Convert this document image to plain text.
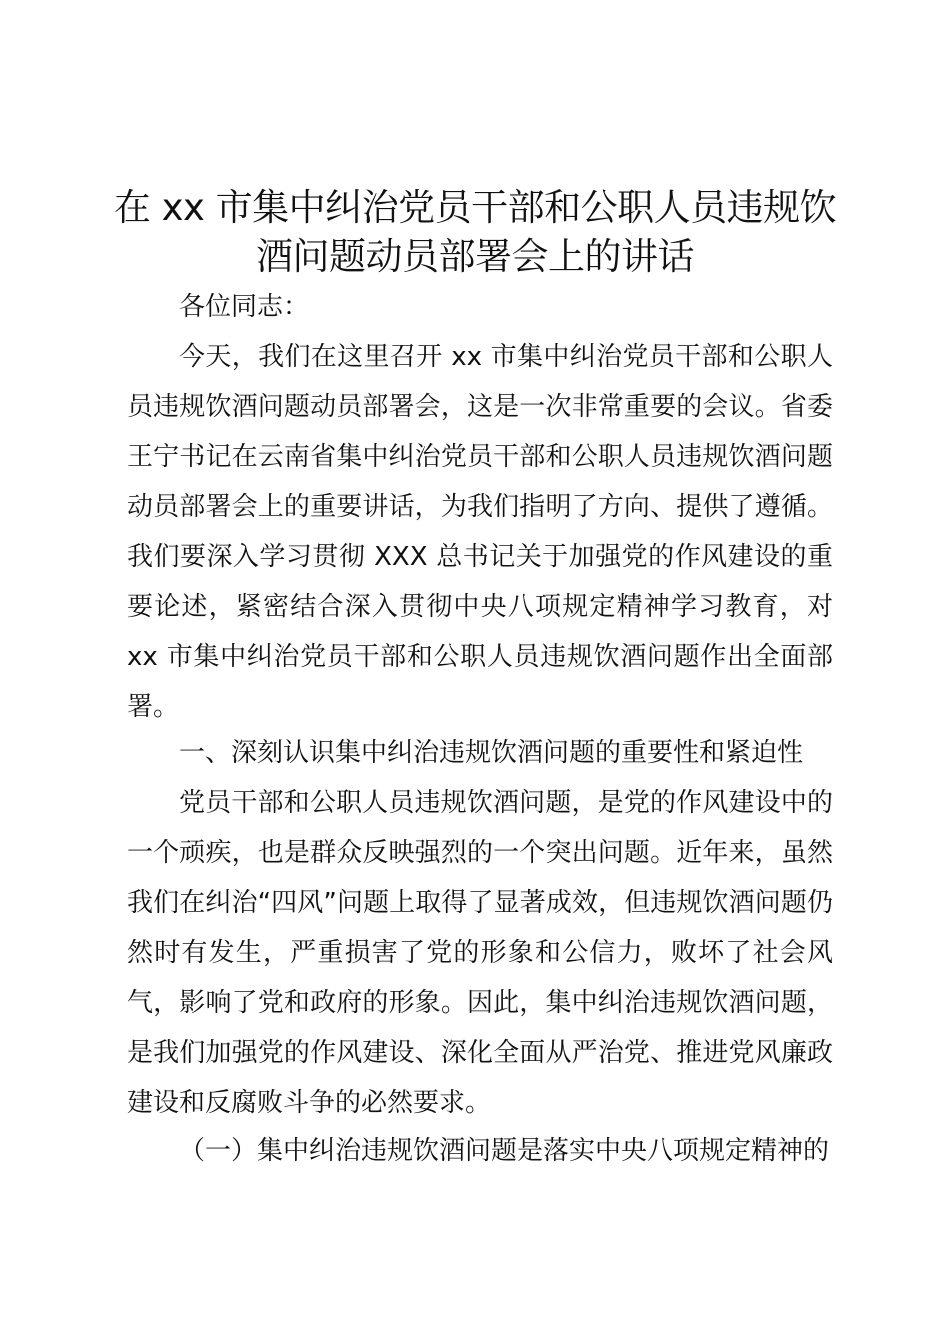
在 xx 市集中纠治党员干部和公职人员违规饮
酒问题动员部署会上的讲话

各位同志：

今天，我们在这里召开 xx 市集中纠治党员干部和公职人员违规饮酒问题动员部署会，这是一次非常重要的会议。省委王宁书记在云南省集中纠治党员干部和公职人员违规饮酒问题动员部署会上的重要讲话，为我们指明了方向、提供了遵循。我们要深入学习贯彻 XXX 总书记关于加强党的作风建设的重要论述，紧密结合深入贯彻中央八项规定精神学习教育，对 xx 市集中纠治党员干部和公职人员违规饮酒问题作出全面部署。

一、深刻认识集中纠治违规饮酒问题的重要性和紧迫性

党员干部和公职人员违规饮酒问题，是党的作风建设中的一个顽疾，也是群众反映强烈的一个突出问题。近年来，虽然我们在纠治“四风”问题上取得了显著成效，但违规饮酒问题仍然时有发生，严重损害了党的形象和公信力，败坏了社会风气，影响了党和政府的形象。因此，集中纠治违规饮酒问题，是我们加强党的作风建设、深化全面从严治党、推进党风廉政建设和反腐败斗争的必然要求。

（一）集中纠治违规饮酒问题是落实中央八项规定精神的
